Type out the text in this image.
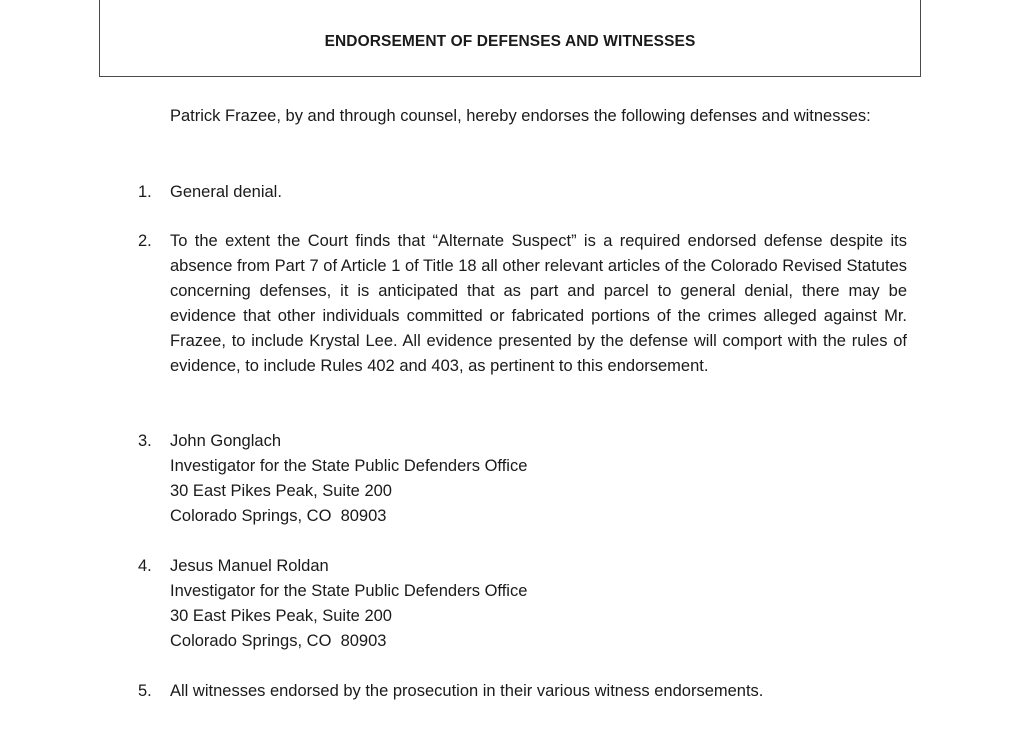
ENDORSEMENT OF DEFENSES AND WITNESSES

Patrick Frazee, by and through counsel, hereby endorses the following defenses and witnesses:

1.	General denial.

2.	To the extent the Court finds that “Alternate Suspect” is a required endorsed defense despite its absence from Part 7 of Article 1 of Title 18 all other relevant articles of the Colorado Revised Statutes concerning defenses, it is anticipated that as part and parcel to general denial, there may be evidence that other individuals committed or fabricated portions of the crimes alleged against Mr. Frazee, to include Krystal Lee. All evidence presented by the defense will comport with the rules of evidence, to include Rules 402 and 403, as pertinent to this endorsement.

3.	John Gonglach
Investigator for the State Public Defenders Office
30 East Pikes Peak, Suite 200
Colorado Springs, CO  80903
4.	Jesus Manuel Roldan
Investigator for the State Public Defenders Office
30 East Pikes Peak, Suite 200
Colorado Springs, CO  80903
5.	All witnesses endorsed by the prosecution in their various witness endorsements.
